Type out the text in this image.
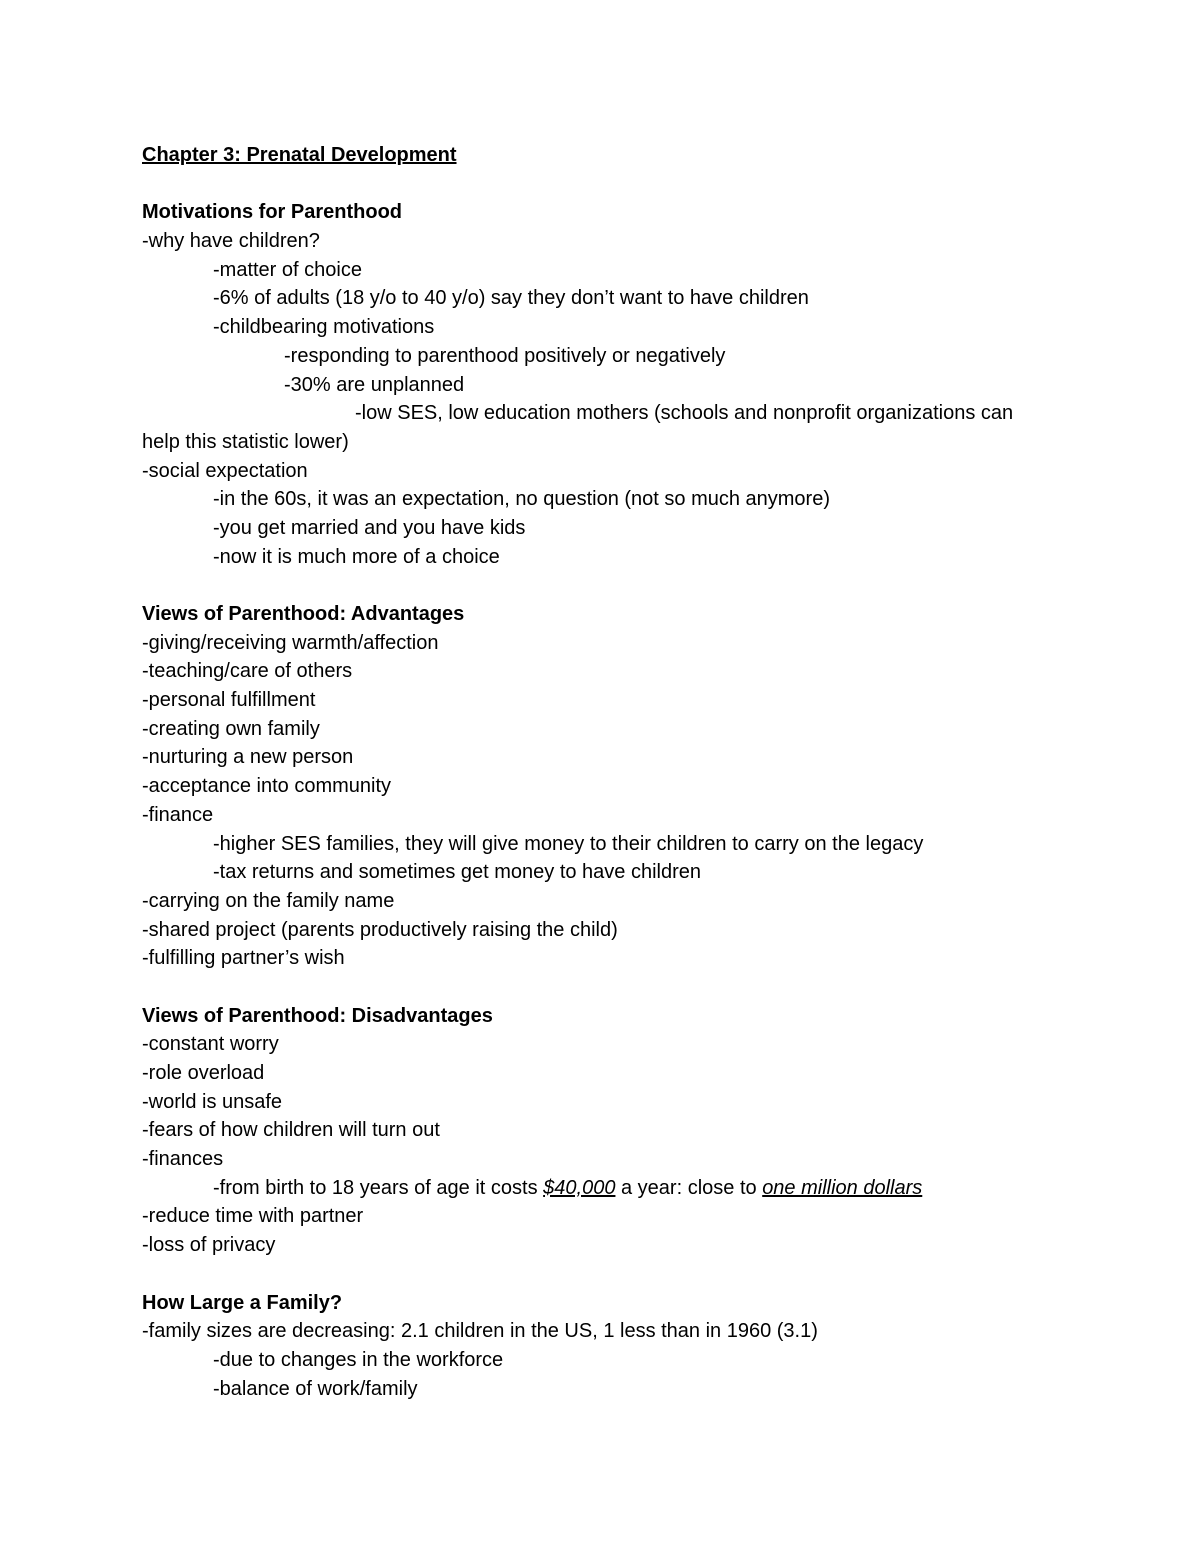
Chapter 3: Prenatal Development
Motivations for Parenthood
-why have children?
-matter of choice
-6% of adults (18 y/o to 40 y/o) say they don’t want to have children
-childbearing motivations
-responding to parenthood positively or negatively
-30% are unplanned
-low SES, low education mothers (schools and nonprofit organizations can
help this statistic lower)
-social expectation
-in the 60s, it was an expectation, no question (not so much anymore)
-you get married and you have kids
-now it is much more of a choice
Views of Parenthood: Advantages
-giving/receiving warmth/affection
-teaching/care of others
-personal fulfillment
-creating own family
-nurturing a new person
-acceptance into community
-finance
-higher SES families, they will give money to their children to carry on the legacy
-tax returns and sometimes get money to have children
-carrying on the family name
-shared project (parents productively raising the child)
-fulfilling partner’s wish
Views of Parenthood: Disadvantages
-constant worry
-role overload
-world is unsafe
-fears of how children will turn out
-finances
-from birth to 18 years of age it costs $40,000 a year: close to one million dollars
-reduce time with partner
-loss of privacy
How Large a Family?
-family sizes are decreasing: 2.1 children in the US, 1 less than in 1960 (3.1)
-due to changes in the workforce
-balance of work/family
